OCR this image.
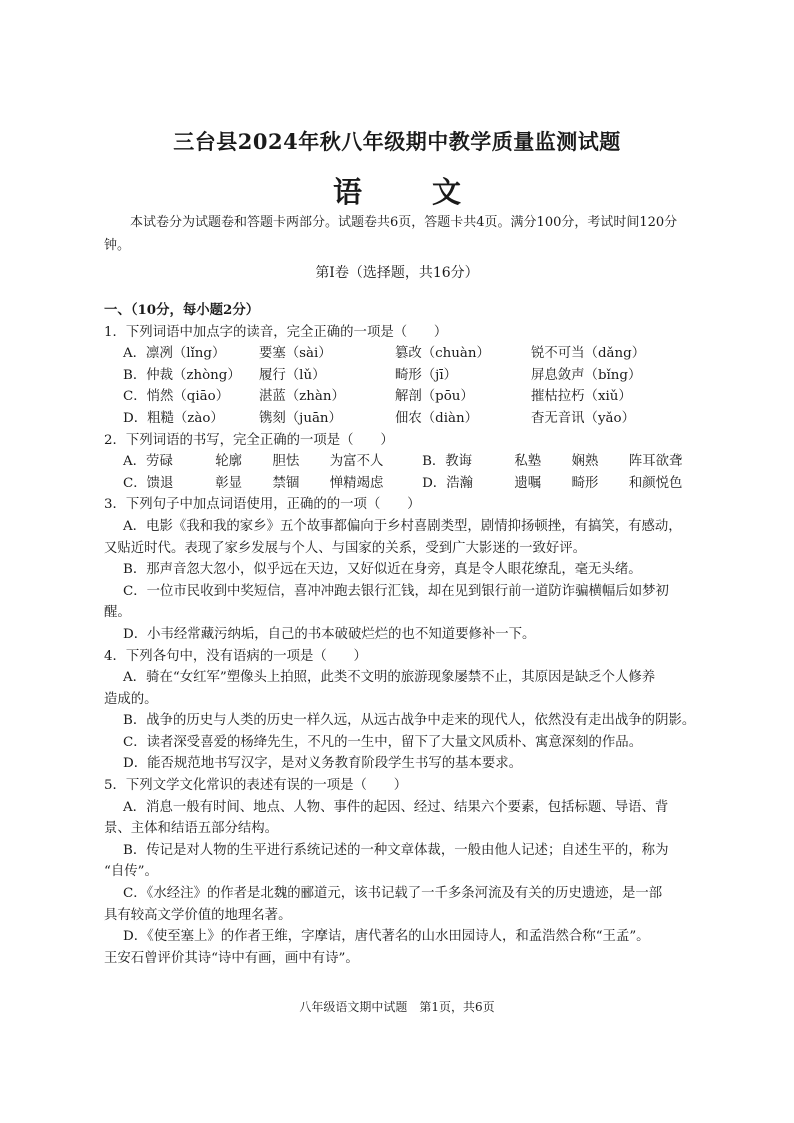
三台县2024年秋八年级期中教学质量监测试题
语 文
本试卷分为试题卷和答题卡两部分。试题卷共6页，答题卡共4页。满分100分，考试时间120分钟。
第Ⅰ卷（选择题，共16分）
一、（10分，每小题2分）
1．下列词语中加点字的读音，完全正确的一项是（　　）
A．凛冽（lǐng）	要塞（sài）	篡改（chuàn）	锐不可当（dǎng）
B．仲裁（zhòng）	履行（lǔ）	畸形（jī）	屏息敛声（bǐng）
C．悄然（qiāo）	湛蓝（zhàn）	解剖（pōu）	摧枯拉朽（xiǔ）
D．粗糙（zào）	镌刻（juān）	佃农（diàn）	杳无音讯（yǎo）
2．下列词语的书写，完全正确的一项是（　　）
A．劳碌	轮廓 胆怯 为富不人	B．教诲	私塾 娴熟 阵耳欲聋
C．馈退	彰显 禁锢 惮精竭虑	D．浩瀚	遗嘱 畸形 和颜悦色
3．下列句子中加点词语使用，正确的的一项（　　）
A．电影《我和我的家乡》五个故事都偏向于乡村喜剧类型，剧情抑扬顿挫，有搞笑，有感动，
又贴近时代。表现了家乡发展与个人、与国家的关系，受到广大影迷的一致好评。
B．那声音忽大忽小，似乎远在天边，又好似近在身旁，真是令人眼花缭乱，毫无头绪。
C．一位市民收到中奖短信，喜冲冲跑去银行汇钱，却在见到银行前一道防诈骗横幅后如梦初
醒。
D．小韦经常藏污纳垢，自己的书本破破烂烂的也不知道要修补一下。
4．下列各句中，没有语病的一项是（　　）
A．骑在“女红军”塑像头上拍照，此类不文明的旅游现象屡禁不止，其原因是缺乏个人修养
造成的。
B．战争的历史与人类的历史一样久远，从远古战争中走来的现代人，依然没有走出战争的阴影。
C．读者深受喜爱的杨绛先生，不凡的一生中，留下了大量文风质朴、寓意深刻的作品。
D．能否规范地书写汉字，是对义务教育阶段学生书写的基本要求。
5．下列文学文化常识的表述有误的一项是（　　）
A．消息一般有时间、地点、人物、事件的起因、经过、结果六个要素，包括标题、导语、背
景、主体和结语五部分结构。
B．传记是对人物的生平进行系统记述的一种文章体裁，一般由他人记述；自述生平的，称为
“自传”。
C．《水经注》的作者是北魏的郦道元，该书记载了一千多条河流及有关的历史遗迹，是一部
具有较高文学价值的地理名著。
D．《使至塞上》的作者王维，字摩诘，唐代著名的山水田园诗人，和孟浩然合称“王孟”。
王安石曾评价其诗“诗中有画，画中有诗”。
八年级语文期中试题　第1页，共6页
